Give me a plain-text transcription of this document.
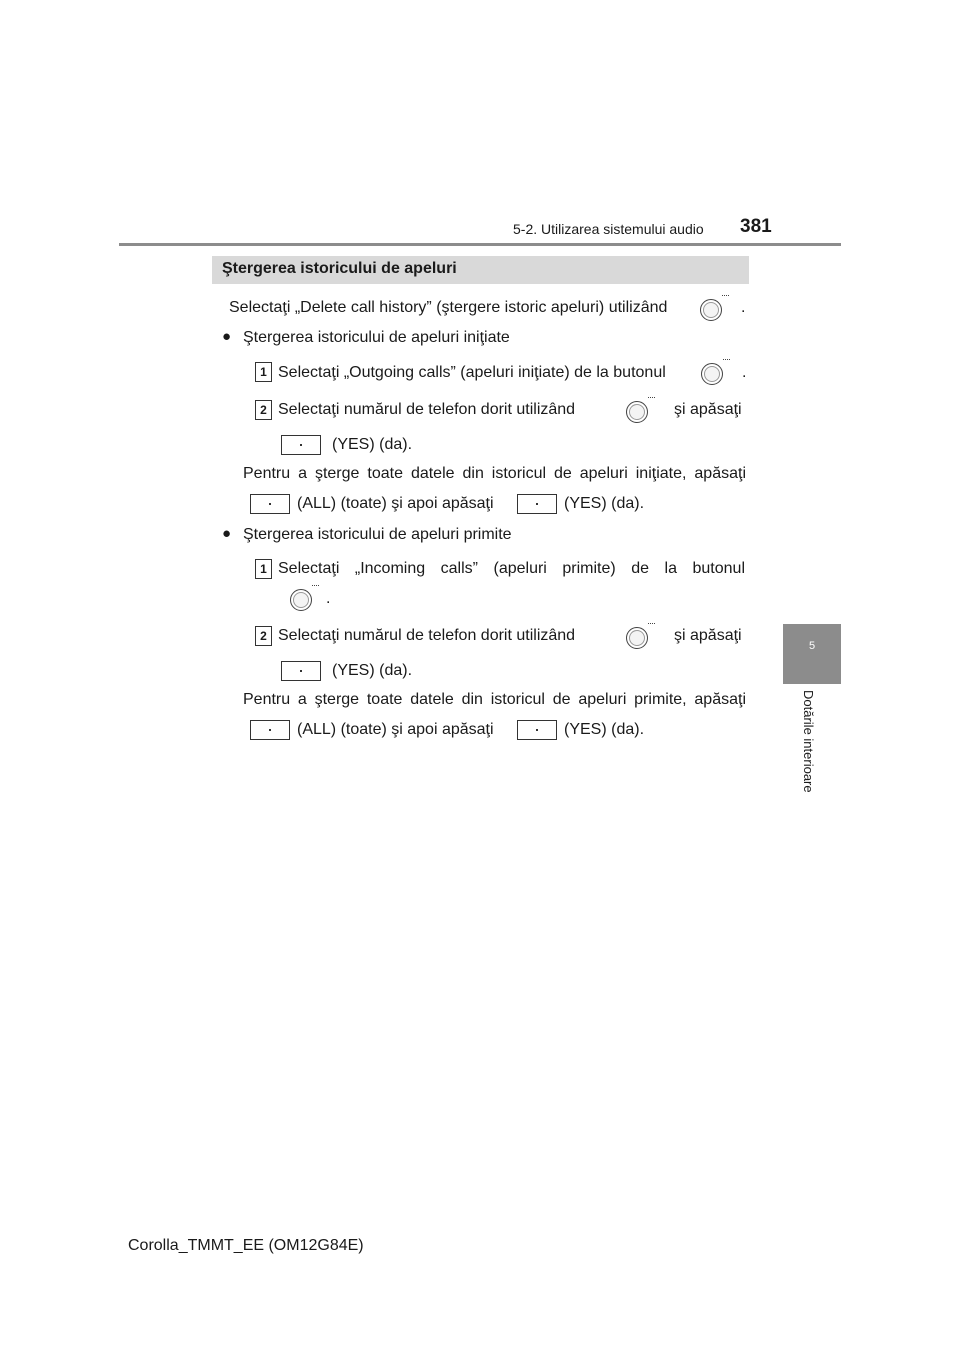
5-2. Utilizarea sistemului audio 381
5
Dotările interioare
Ştergerea istoricului de apeluri
Selectaţi „Delete call history” (ştergere istoric apeluri) utilizând	.
● Ştergerea istoricului de apeluri iniţiate
1 Selectaţi „Outgoing calls” (apeluri iniţiate) de la butonul	.
2 Selectaţi numărul de telefon dorit utilizând	şi apăsaţi
(YES) (da).
Pentru a şterge toate datele din istoricul de apeluri iniţiate, apăsaţi
(ALL) (toate) şi apoi apăsaţi	(YES) (da).
● Ştergerea istoricului de apeluri primite
1 Selectaţi „Incoming calls” (apeluri primite) de la butonul
.
2 Selectaţi numărul de telefon dorit utilizând	şi apăsaţi
(YES) (da).
Pentru a şterge toate datele din istoricul de apeluri primite, apăsaţi
(ALL) (toate) şi apoi apăsaţi	(YES) (da).
Corolla_TMMT_EE (OM12G84E)
